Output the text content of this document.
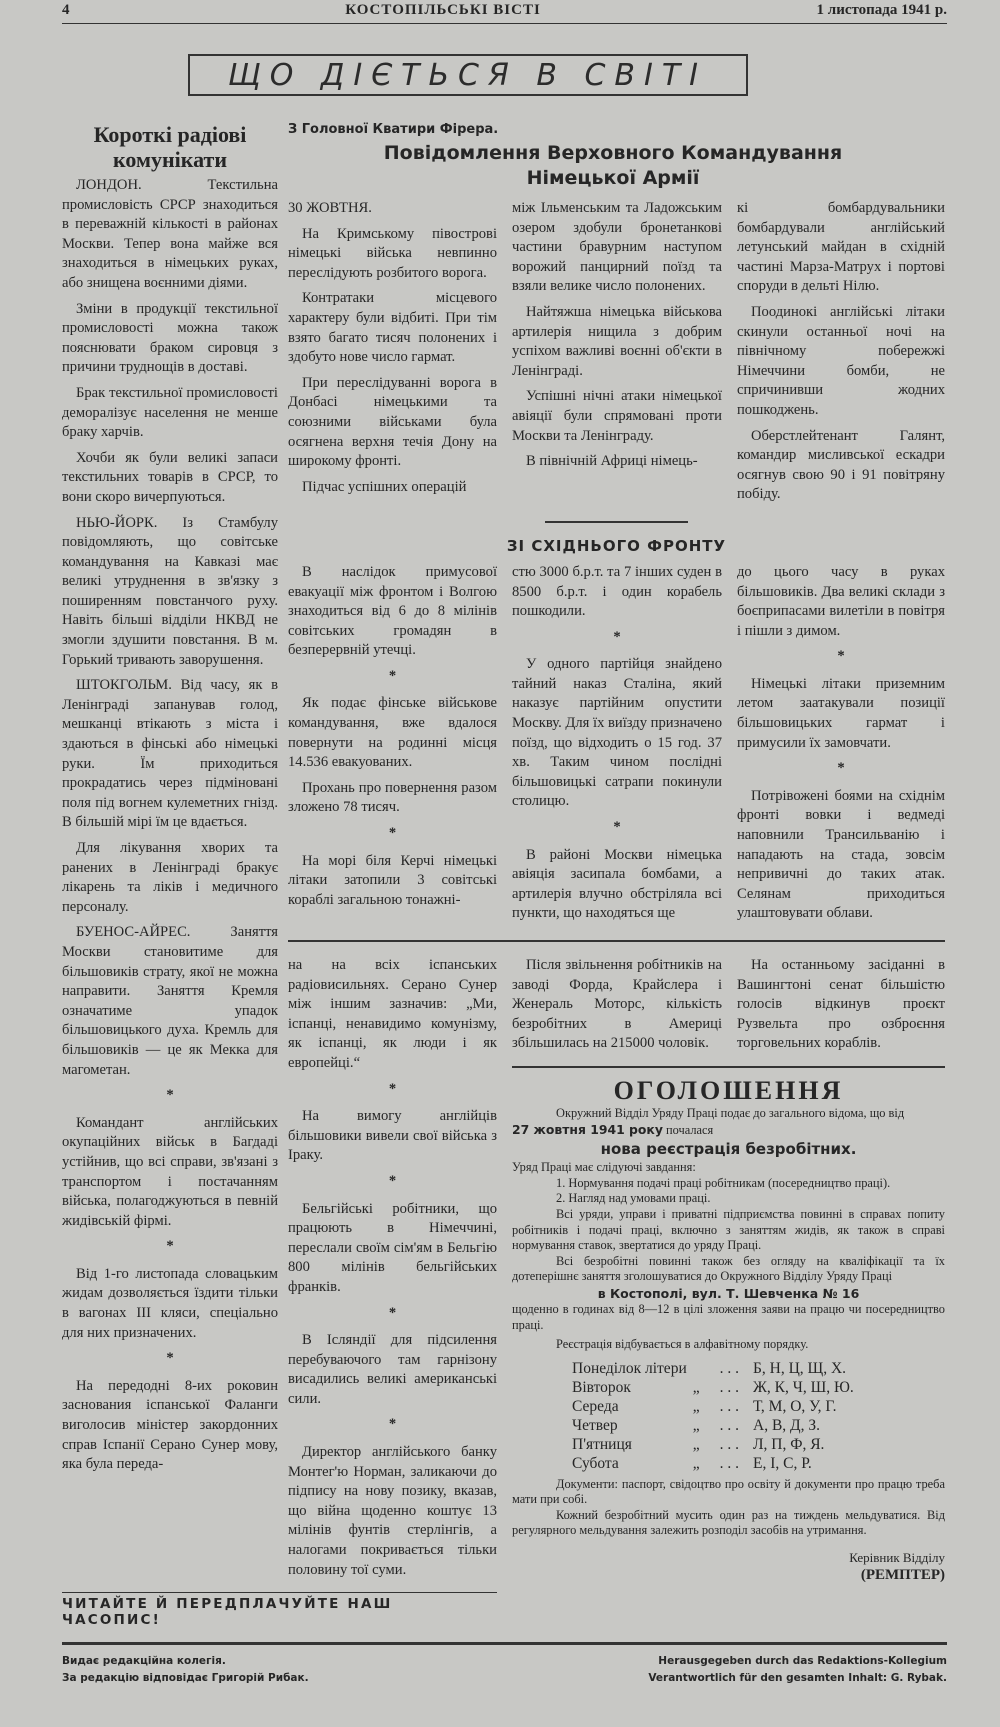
4	КОСТОПІЛЬСЬКІ ВІСТІ	1 листопада 1941 р.
ЩО ДІЄТЬСЯ В СВІТІ
Короткі радіові комунікати

ЛОНДОН. Текстильна промисловість СРСР знаходиться в переважній кількості в районах Москви. Тепер вона майже вся знаходиться в німецьких руках, або знищена воєнними діями.

Зміни в продукції текстильної промисловості можна також пояснювати браком сировця з причини труднощів в доставі.

Брак текстильної промисловості деморалізує населення не менше браку харчів.

Хочби як були великі запаси текстильних товарів в СРСР, то вони скоро вичерпуються.

НЬЮ-ЙОРК. Із Стамбулу повідомляють, що совітське командування на Кавказі має великі утруднення в зв'язку з поширенням повстанчого руху. Навіть більші відділи НКВД не змогли здушити повстання. В м. Горький тривають заворушення.

ШТОКГОЛЬМ. Від часу, як в Ленінграді запанував голод, мешканці втікають з міста і здаються в фінські або німецькі руки. Їм приходиться прокрадатись через підміновані поля під вогнем кулеметних гнізд. В більшій мірі їм це вдається.

Для лікування хворих та ранених в Ленінграді бракує лікарень та ліків і медичного персоналу.

БУЕНОС-АЙРЕС. Заняття Москви становитиме для більшовиків страту, якої не можна направити. Заняття Кремля означатиме упадок більшовицького духа. Кремль для більшовиків — це як Мекка для магометан.

*

Командант англійських окупаційних військ в Багдаді устійнив, що всі справи, зв'язані з транспортом і постачанням війська, полагоджуються в певній жидівській фірмі.

*

Від 1-го листопада словацьким жидам дозволяється їздити тільки в вагонах III кляси, спеціально для них призначених.

*

На передодні 8-их роковин заснования іспанської Фаланги виголосив міністер закордонних справ Іспанії Серано Сунер мову, яка була переда-

З Головної Кватири Фірера.
Повідомлення Верховного Командування Німецької Армії

30 ЖОВТНЯ.

На Кримському півострові німецькі війська невпинно переслідують розбитого ворога.

Контратаки місцевого характеру були відбиті. При тім взято багато тисяч полонених і здобуто нове число гармат.

При переслідуванні ворога в Донбасі німецькими та союзними військами була осягнена верхня течія Дону на широкому фронті.

Підчас успішних операцій

між Ільменським та Ладожським озером здобули бронетанкові частини бравурним наступом ворожий панцирний поїзд та взяли велике число полонених.

Найтяжша німецька військова артилерія нищила з добрим успіхом важливі воєнні об'єкти в Ленінграді.

Успішні нічні атаки німецької авіяції були спрямовані проти Москви та Ленінграду.

В північній Африці німець-

кі бомбардувальники бомбардували англійський летунський майдан в східній частині Марза-Матрух і портові споруди в дельті Нілю.

Поодинокі англійські літаки скинули останньої ночі на північному побережжі Німеччини бомби, не спричинивши жодних пошкоджень.

Оберстлейтенант Галянт, командир мисливської ескадри осягнув свою 90 і 91 повітряну побіду.

ЗІ СХІДНЬОГО ФРОНТУ

В наслідок примусової евакуації між фронтом і Волгою знаходиться від 6 до 8 мілінів совітських громадян в безперервній утечці.

*

Як подає фінське військове командування, вже вдалося повернути на родинні місця 14.536 евакуованих.

Прохань про повернення разом зложено 78 тисяч.

*

На морі біля Керчі німецькі літаки затопили 3 совітські кораблі загальною тонажні-

стю 3000 б.р.т. та 7 інших суден в 8500 б.р.т. і один корабель пошкодили.

*

У одного партійця знайдено тайний наказ Сталіна, який наказує партійним опустити Москву. Для їх виїзду призначено поїзд, що відходить о 15 год. 37 хв. Таким чином послідні більшовицькі сатрапи покинули столицю.

*

В районі Москви німецька авіяція засипала бомбами, а артилерія влучно обстріляла всі пункти, що находяться ще

до цього часу в руках більшовиків. Два великі склади з боєприпасами вилетіли в повітря і пішли з димом.

*

Німецькі літаки приземним летом заатакували позиції більшовицьких гармат і примусили їх замовчати.

*

Потрівожені боями на східнім фронті вовки і ведмеді наповнили Трансильванію і нападають на стада, зовсім непривичні до таких атак. Селянам приходиться улаштовувати облави.

на на всіх іспанських радіовисильнях. Серано Сунер між іншим зазначив: „Ми, іспанці, ненавидимо комунізму, як іспанці, як люди і як европейці.“

*

На вимогу англійців більшовики вивели свої війська з Іраку.

*

Бельгійські робітники, що працюють в Німеччині, переслали своїм сім'ям в Бельгію 800 мілінів бельгійських франків.

*

В Ісляндії для підсилення перебуваючого там гарнізону висадились великі американські сили.

*

Директор англійського банку Монтег'ю Норман, заликаючи до підпису на нову позику, вказав, що війна щоденно коштує 13 мілінів фунтів стерлінгів, а налогами покривається тільки половину тої суми.

Після звільнення робітників на заводі Форда, Крайслера і Женераль Моторс, кількість безробітних в Америці збільшилась на 215000 чоловік.

На останньому засіданні в Вашингтоні сенат більшістю голосів відкинув проєкт Рузвельта про озброєння торговельних кораблів.

ОГОЛОШЕННЯ

Окружний Відділ Уряду Праці подає до загального відома, що від

27 жовтня 1941 року почалася

нова реєстрація безробітних.

Уряд Праці має слідуючі завдання:

1. Нормування подачі праці робітникам (посередництво праці).

2. Нагляд над умовами праці.

Всі уряди, управи і приватні підприємства повинні в справах попиту робітників і подачі праці, включно з заняттям жидів, як також в справі нормування ставок, звертатися до уряду Праці.

Всі безробітні повинні також без огляду на кваліфікації та їх дотеперішнє заняття зголошуватися до Окружного Відділу Уряду Праці

в Костополі, вул. Т. Шевченка № 16

щоденно в годинах від 8—12 в цілі зложення заяви на працю чи посередництво праці.

Реєстрація відбувається в алфавітному порядку.

Понеділок літери		. . .	Б, Н, Ц, Щ, Х.
Вівторок	„	. . .	Ж, К, Ч, Ш, Ю.
Середа	„	. . .	Т, М, О, У, Г.
Четвер	„	. . .	А, В, Д, З.
П'ятниця	„	. . .	Л, П, Ф, Я.
Субота	„	. . .	Е, І, С, Р.

Документи: паспорт, свідоцтво про освіту й документи про працю треба мати при собі.

Кожний безробітний мусить один раз на тиждень мельдуватися. Від регулярного мельдування залежить розподіл засобів на утримання.

Керівник Відділу
(РЕМПТЕР)
ЧИТАЙТЕ Й ПЕРЕДПЛАЧУЙТЕ НАШ ЧАСОПИС!
Видає редакційна колегія.
За редакцію відповідає Григорій Рибак.
Herausgegeben durch das Redaktions-Kollegium
Verantwortlich für den gesamten Inhalt: G. Rybak.
